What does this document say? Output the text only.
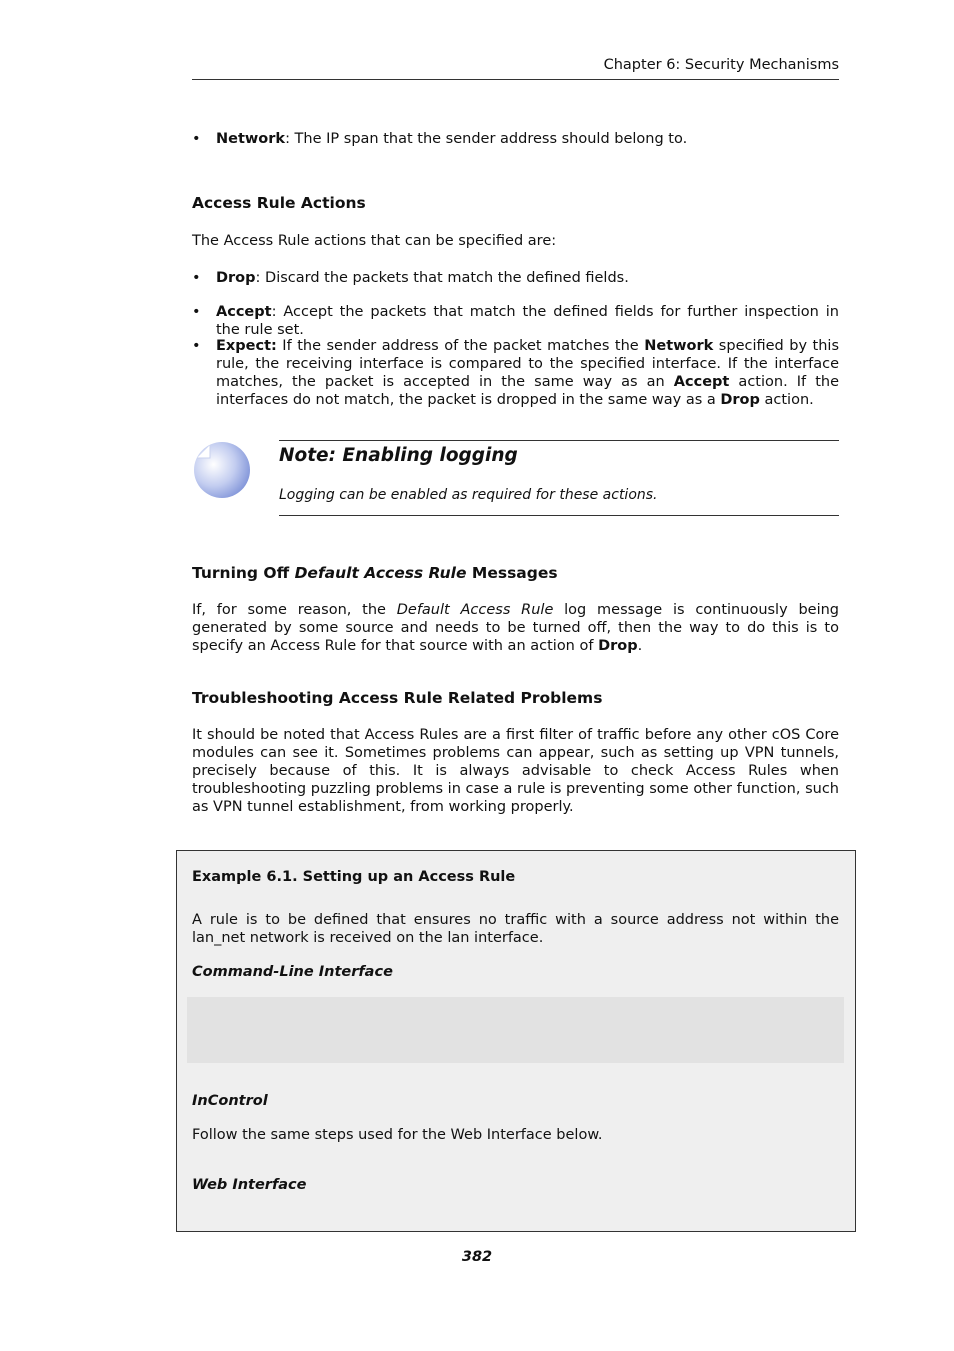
Chapter 6: Security Mechanisms
• Network: The IP span that the sender address should belong to.
Access Rule Actions
The Access Rule actions that can be specified are:
• Drop: Discard the packets that match the defined fields.
• Accept: Accept the packets that match the defined fields for further inspection in the rule set.
• Expect: If the sender address of the packet matches the Network specified by this rule, the receiving interface is compared to the specified interface. If the interface matches, the packet is accepted in the same way as an Accept action. If the interfaces do not match, the packet is dropped in the same way as a Drop action.
Note: Enabling logging
Logging can be enabled as required for these actions.
Turning Off Default Access Rule Messages
If, for some reason, the Default Access Rule log message is continuously being generated by some source and needs to be turned off, then the way to do this is to specify an Access Rule for that source with an action of Drop.
Troubleshooting Access Rule Related Problems
It should be noted that Access Rules are a first filter of traffic before any other cOS Core modules can see it. Sometimes problems can appear, such as setting up VPN tunnels, precisely because of this. It is always advisable to check Access Rules when troubleshooting puzzling problems in case a rule is preventing some other function, such as VPN tunnel establishment, from working properly.
Example 6.1. Setting up an Access Rule
A rule is to be defined that ensures no traffic with a source address not within the lan_net network is received on the lan interface.
Command-Line Interface
InControl
Follow the same steps used for the Web Interface below.
Web Interface
382
